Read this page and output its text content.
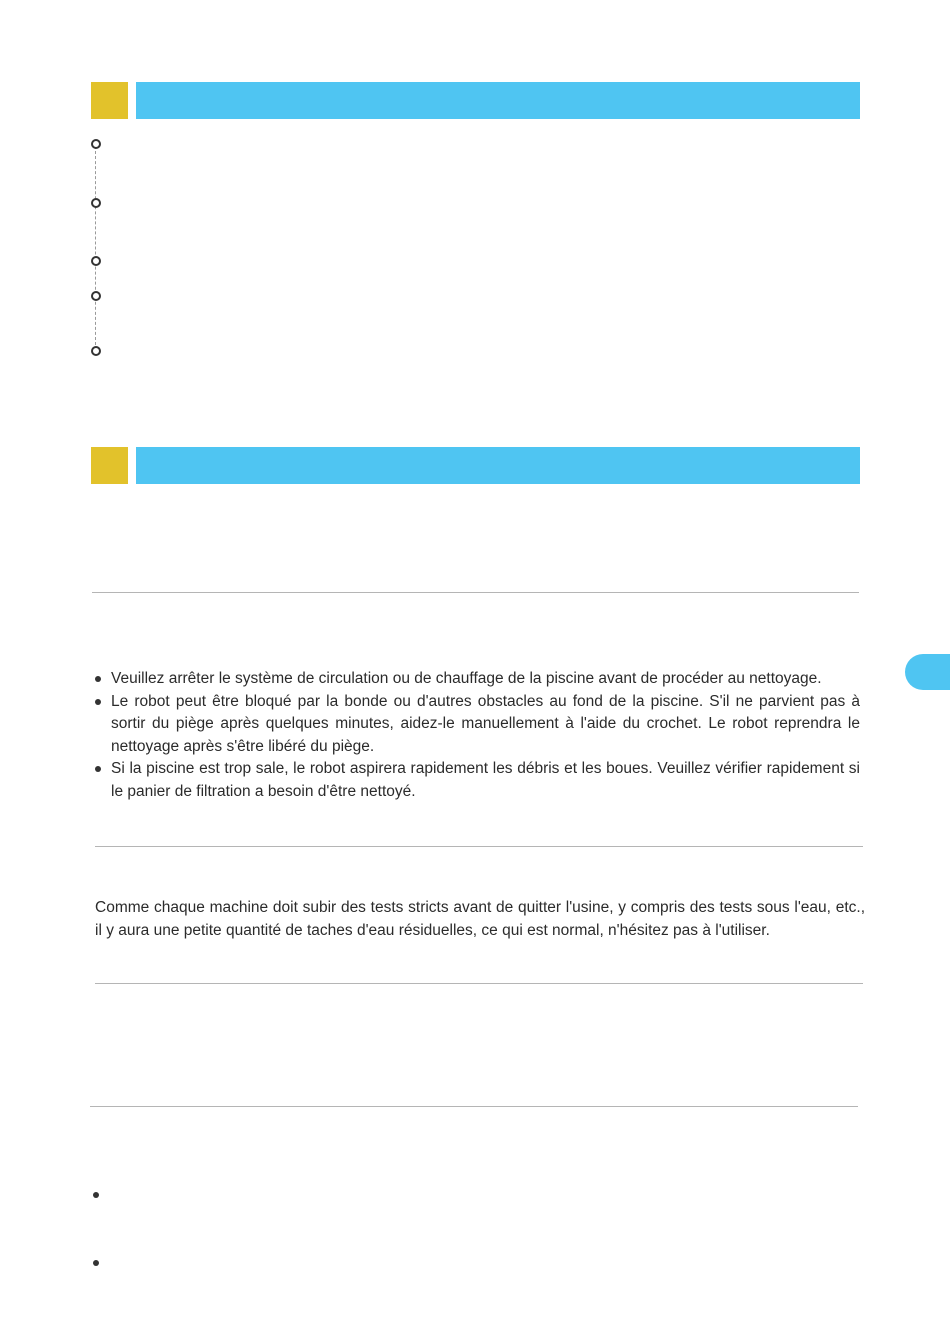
Veuillez arrêter le système de circulation ou de chauffage de la piscine avant de procéder au nettoyage.
Le robot peut être bloqué par la bonde ou d'autres obstacles au fond de la piscine. S'il ne parvient pas à sortir du piège après quelques minutes, aidez-le manuellement à l'aide du crochet. Le robot reprendra le nettoyage après s'être libéré du piège.
Si la piscine est trop sale, le robot aspirera rapidement les débris et les boues. Veuillez vérifier rapidement si le panier de filtration a besoin d'être nettoyé.

Comme chaque machine doit subir des tests stricts avant de quitter l'usine, y compris des tests sous l'eau, etc., il y aura une petite quantité de taches d'eau résiduelles, ce qui est normal, n'hésitez pas à l'utiliser.
